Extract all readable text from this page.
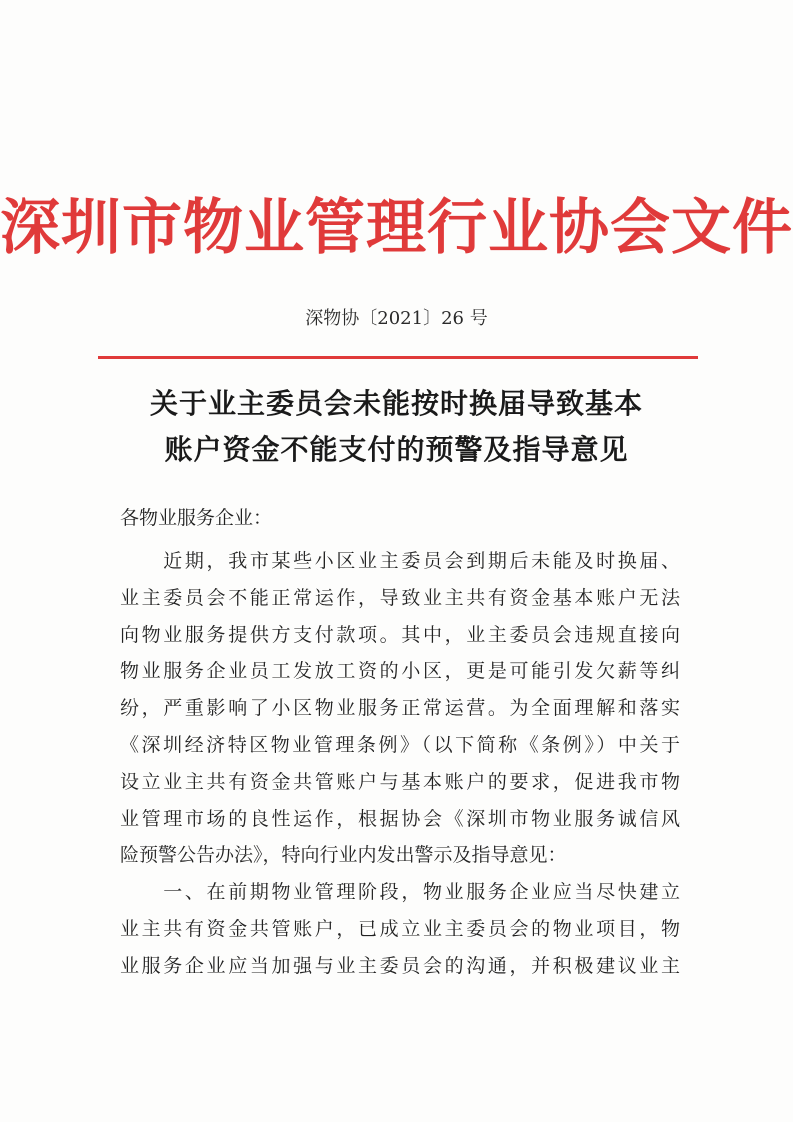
深圳市物业管理行业协会文件
深物协〔2021〕26 号
关于业主委员会未能按时换届导致基本
账户资金不能支付的预警及指导意见
各物业服务企业：
　　近期，我市某些小区业主委员会到期后未能及时换届、
业主委员会不能正常运作，导致业主共有资金基本账户无法
向物业服务提供方支付款项。其中，业主委员会违规直接向
物业服务企业员工发放工资的小区，更是可能引发欠薪等纠
纷，严重影响了小区物业服务正常运营。为全面理解和落实
《深圳经济特区物业管理条例》（以下简称《条例》）中关于
设立业主共有资金共管账户与基本账户的要求，促进我市物
业管理市场的良性运作，根据协会《深圳市物业服务诚信风
险预警公告办法》，特向行业内发出警示及指导意见：
　　一、在前期物业管理阶段，物业服务企业应当尽快建立
业主共有资金共管账户，已成立业主委员会的物业项目，物
业服务企业应当加强与业主委员会的沟通，并积极建议业主
